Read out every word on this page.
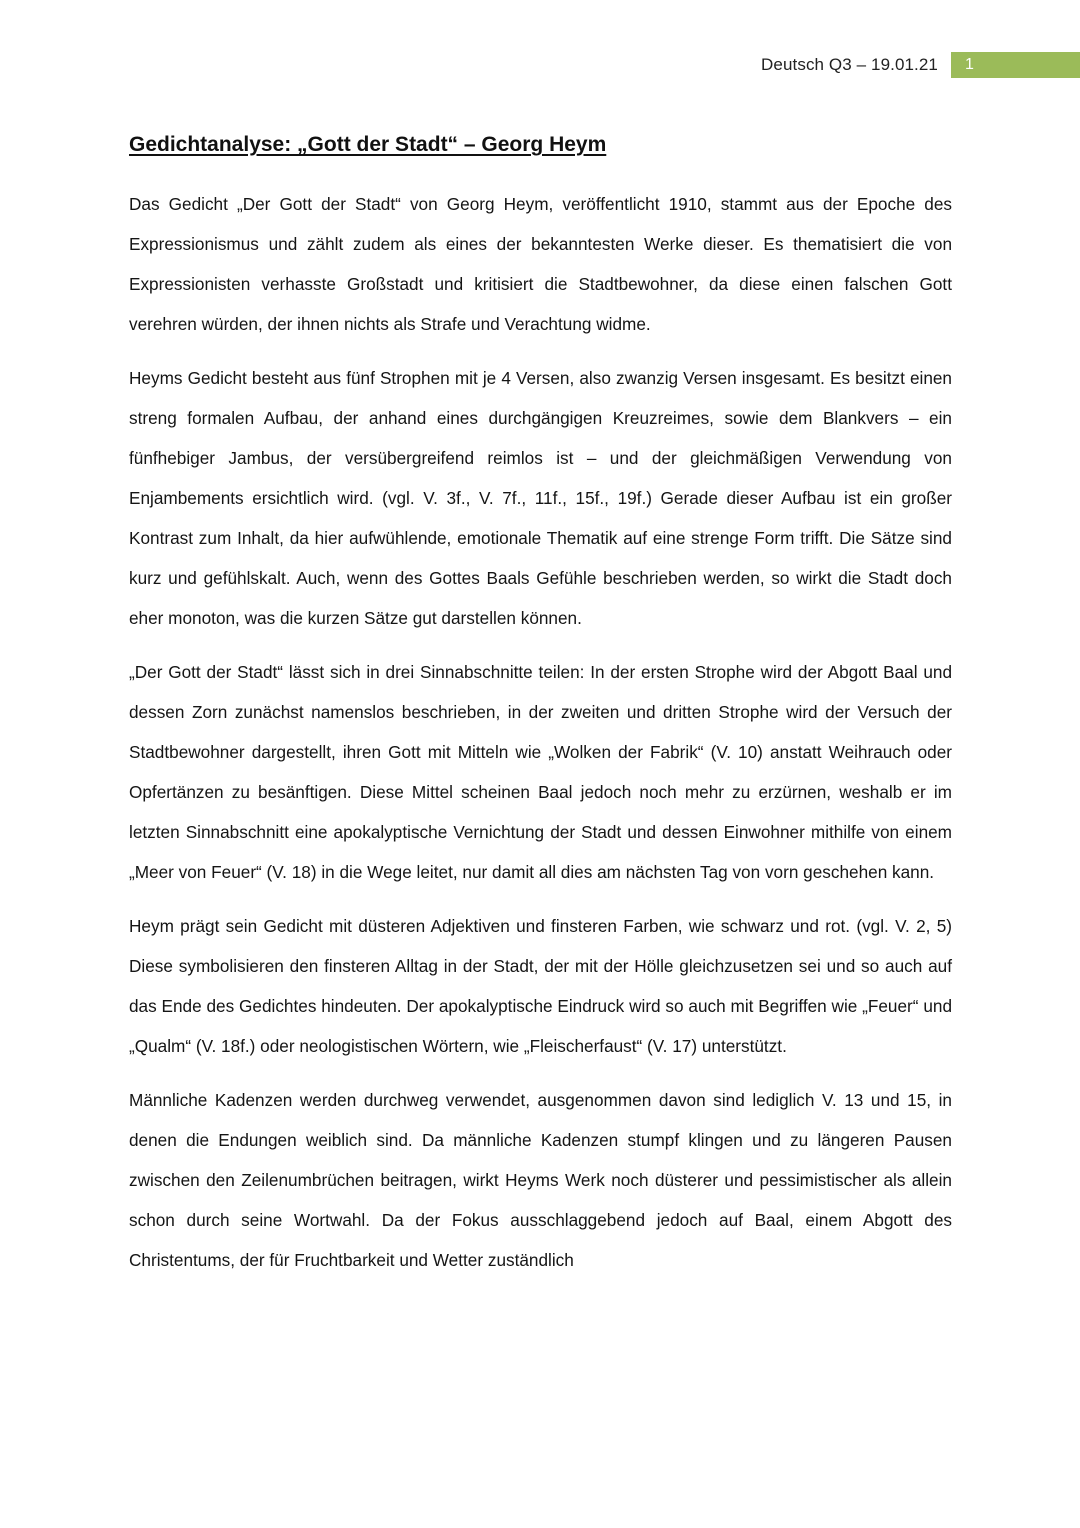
Deutsch Q3 – 19.01.21	1
Gedichtanalyse: „Gott der Stadt“ – Georg Heym

Das Gedicht „Der Gott der Stadt“ von Georg Heym, veröffentlicht 1910, stammt aus der Epoche des Expressionismus und zählt zudem als eines der bekanntesten Werke dieser. Es thematisiert die von Expressionisten verhasste Großstadt und kritisiert die Stadtbewohner, da diese einen falschen Gott verehren würden, der ihnen nichts als Strafe und Verachtung widme.

Heyms Gedicht besteht aus fünf Strophen mit je 4 Versen, also zwanzig Versen insgesamt. Es besitzt einen streng formalen Aufbau, der anhand eines durchgängigen Kreuzreimes, sowie dem Blankvers – ein fünfhebiger Jambus, der versübergreifend reimlos ist – und der gleichmäßigen Verwendung von Enjambements ersichtlich wird. (vgl. V. 3f., V. 7f., 11f., 15f., 19f.) Gerade dieser Aufbau ist ein großer Kontrast zum Inhalt, da hier aufwühlende, emotionale Thematik auf eine strenge Form trifft. Die Sätze sind kurz und gefühlskalt. Auch, wenn des Gottes Baals Gefühle beschrieben werden, so wirkt die Stadt doch eher monoton, was die kurzen Sätze gut darstellen können.

„Der Gott der Stadt“ lässt sich in drei Sinnabschnitte teilen: In der ersten Strophe wird der Abgott Baal und dessen Zorn zunächst namenslos beschrieben, in der zweiten und dritten Strophe wird der Versuch der Stadtbewohner dargestellt, ihren Gott mit Mitteln wie „Wolken der Fabrik“ (V. 10) anstatt Weihrauch oder Opfertänzen zu besänftigen. Diese Mittel scheinen Baal jedoch noch mehr zu erzürnen, weshalb er im letzten Sinnabschnitt eine apokalyptische Vernichtung der Stadt und dessen Einwohner mithilfe von einem „Meer von Feuer“ (V. 18) in die Wege leitet, nur damit all dies am nächsten Tag von vorn geschehen kann.

Heym prägt sein Gedicht mit düsteren Adjektiven und finsteren Farben, wie schwarz und rot. (vgl. V. 2, 5) Diese symbolisieren den finsteren Alltag in der Stadt, der mit der Hölle gleichzusetzen sei und so auch auf das Ende des Gedichtes hindeuten. Der apokalyptische Eindruck wird so auch mit Begriffen wie „Feuer“ und „Qualm“ (V. 18f.) oder neologistischen Wörtern, wie „Fleischerfaust“ (V. 17) unterstützt.

Männliche Kadenzen werden durchweg verwendet, ausgenommen davon sind lediglich V. 13 und 15, in denen die Endungen weiblich sind. Da männliche Kadenzen stumpf klingen und zu längeren Pausen zwischen den Zeilenumbrüchen beitragen, wirkt Heyms Werk noch düsterer und pessimistischer als allein schon durch seine Wortwahl. Da der Fokus ausschlaggebend jedoch auf Baal, einem Abgott des Christentums, der für Fruchtbarkeit und Wetter zuständlich
